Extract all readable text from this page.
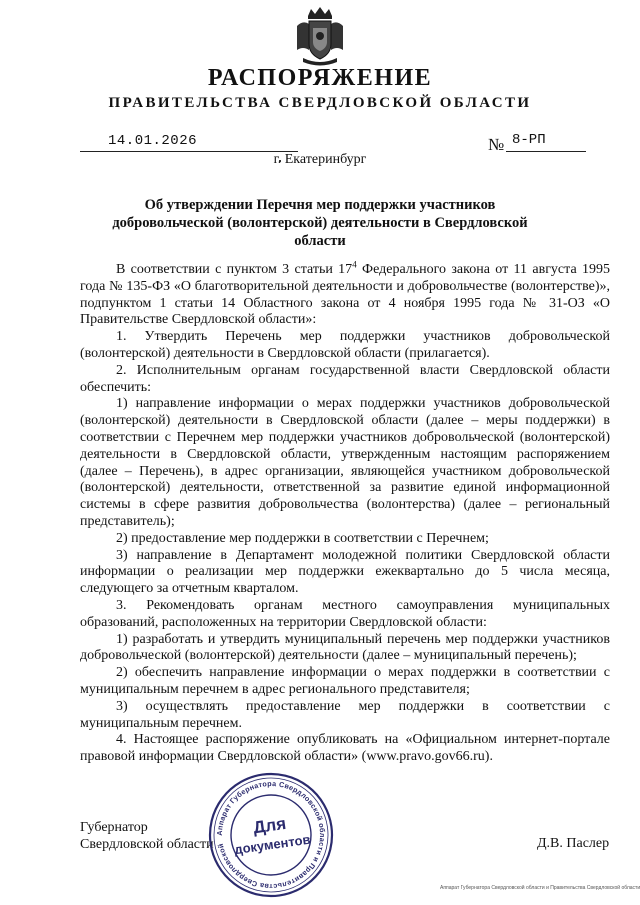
РАСПОРЯЖЕНИЕ
ПРАВИТЕЛЬСТВА СВЕРДЛОВСКОЙ ОБЛАСТИ
14.01.2026	№ 8-РП
г. Екатеринбург
Об утверждении Перечня мер поддержки участников добровольческой (волонтерской) деятельности в Свердловской области

В соответствии с пунктом 3 статьи $17^4$ Федерального закона от 11 августа 1995 года № 135-ФЗ «О благотворительной деятельности и добровольчестве (волонтерстве)», подпунктом 1 статьи 14 Областного закона от 4 ноября 1995 года № 31-ОЗ «О Правительстве Свердловской области»:

1. Утвердить Перечень мер поддержки участников добровольческой (волонтерской) деятельности в Свердловской области (прилагается).

2. Исполнительным органам государственной власти Свердловской области обеспечить:

1) направление информации о мерах поддержки участников добровольческой (волонтерской) деятельности в Свердловской области (далее – меры поддержки) в соответствии с Перечнем мер поддержки участников добровольческой (волонтерской) деятельности в Свердловской области, утвержденным настоящим распоряжением (далее – Перечень), в адрес организации, являющейся участником добровольческой (волонтерской) деятельности, ответственной за развитие единой информационной системы в сфере развития добровольчества (волонтерства) (далее – региональный представитель);

2) предоставление мер поддержки в соответствии с Перечнем;

3) направление в Департамент молодежной политики Свердловской области информации о реализации мер поддержки ежеквартально до 5 числа месяца, следующего за отчетным кварталом.

3. Рекомендовать органам местного самоуправления муниципальных образований, расположенных на территории Свердловской области:

1) разработать и утвердить муниципальный перечень мер поддержки участников добровольческой (волонтерской) деятельности (далее – муниципальный перечень);

2) обеспечить направление информации о мерах поддержки в соответствии с муниципальным перечнем в адрес регионального представителя;

3) осуществлять предоставление мер поддержки в соответствии с муниципальным перечнем.

4. Настоящее распоряжение опубликовать на «Официальном интернет-портале правовой информации Свердловской области» (www.pravo.gov66.ru).

Губернатор
Свердловской области	Д.В. Паслер
Аппарат Губернатора Свердловской области и Правительства Свердловской
Для
документов
Аппарат Губернатора Свердловской области и Правительства Свердловской области
